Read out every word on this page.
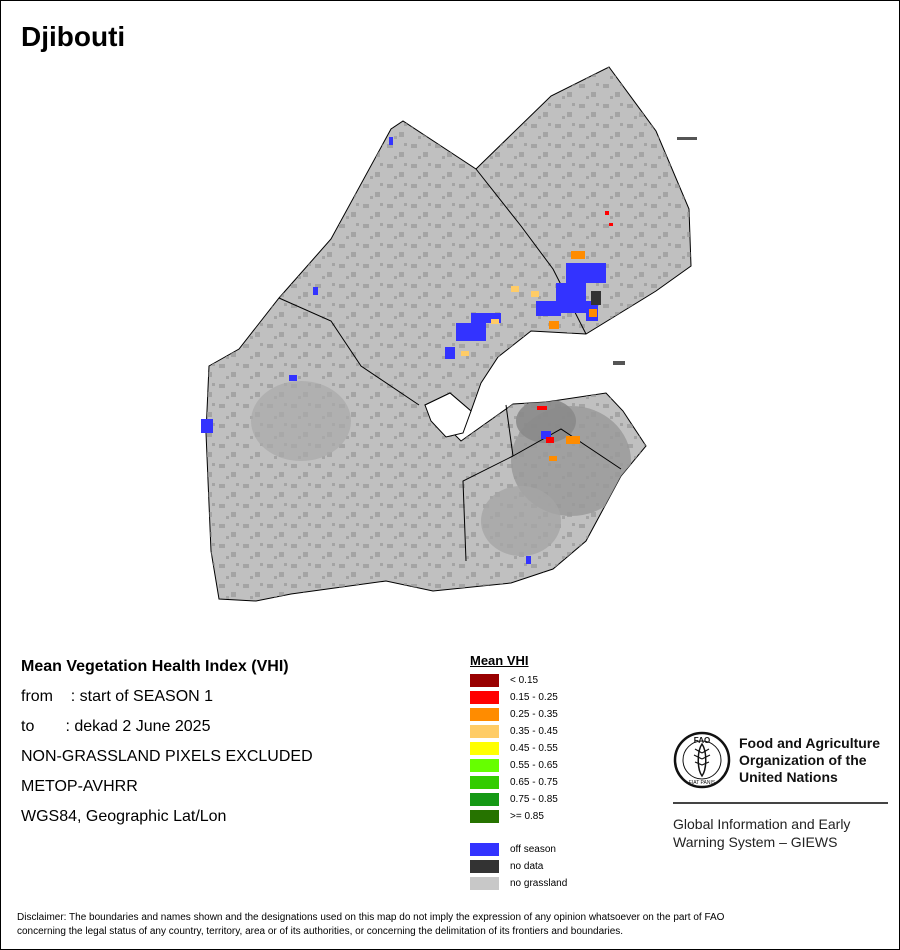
Djibouti
Mean Vegetation Health Index (VHI)
from    : start of SEASON 1
to       : dekad 2 June 2025
NON-GRASSLAND PIXELS EXCLUDED
METOP-AVHRR
WGS84, Geographic Lat/Lon
Mean VHI
< 0.15
0.15 - 0.25
0.25 - 0.35
0.35 - 0.45
0.45 - 0.55
0.55 - 0.65
0.65 - 0.75
0.75 - 0.85
>= 0.85
off season
no data
no grassland
FAO
FIAT PANIS
Food and Agriculture
Organization of the
United Nations
Global Information and Early
Warning System – GIEWS
Disclaimer: The boundaries and names shown and the designations used on this map do not imply the expression of any opinion whatsoever on the part of FAO
concerning the legal status of any country, territory, area or of its authorities, or concerning the delimitation of its frontiers and boundaries.
